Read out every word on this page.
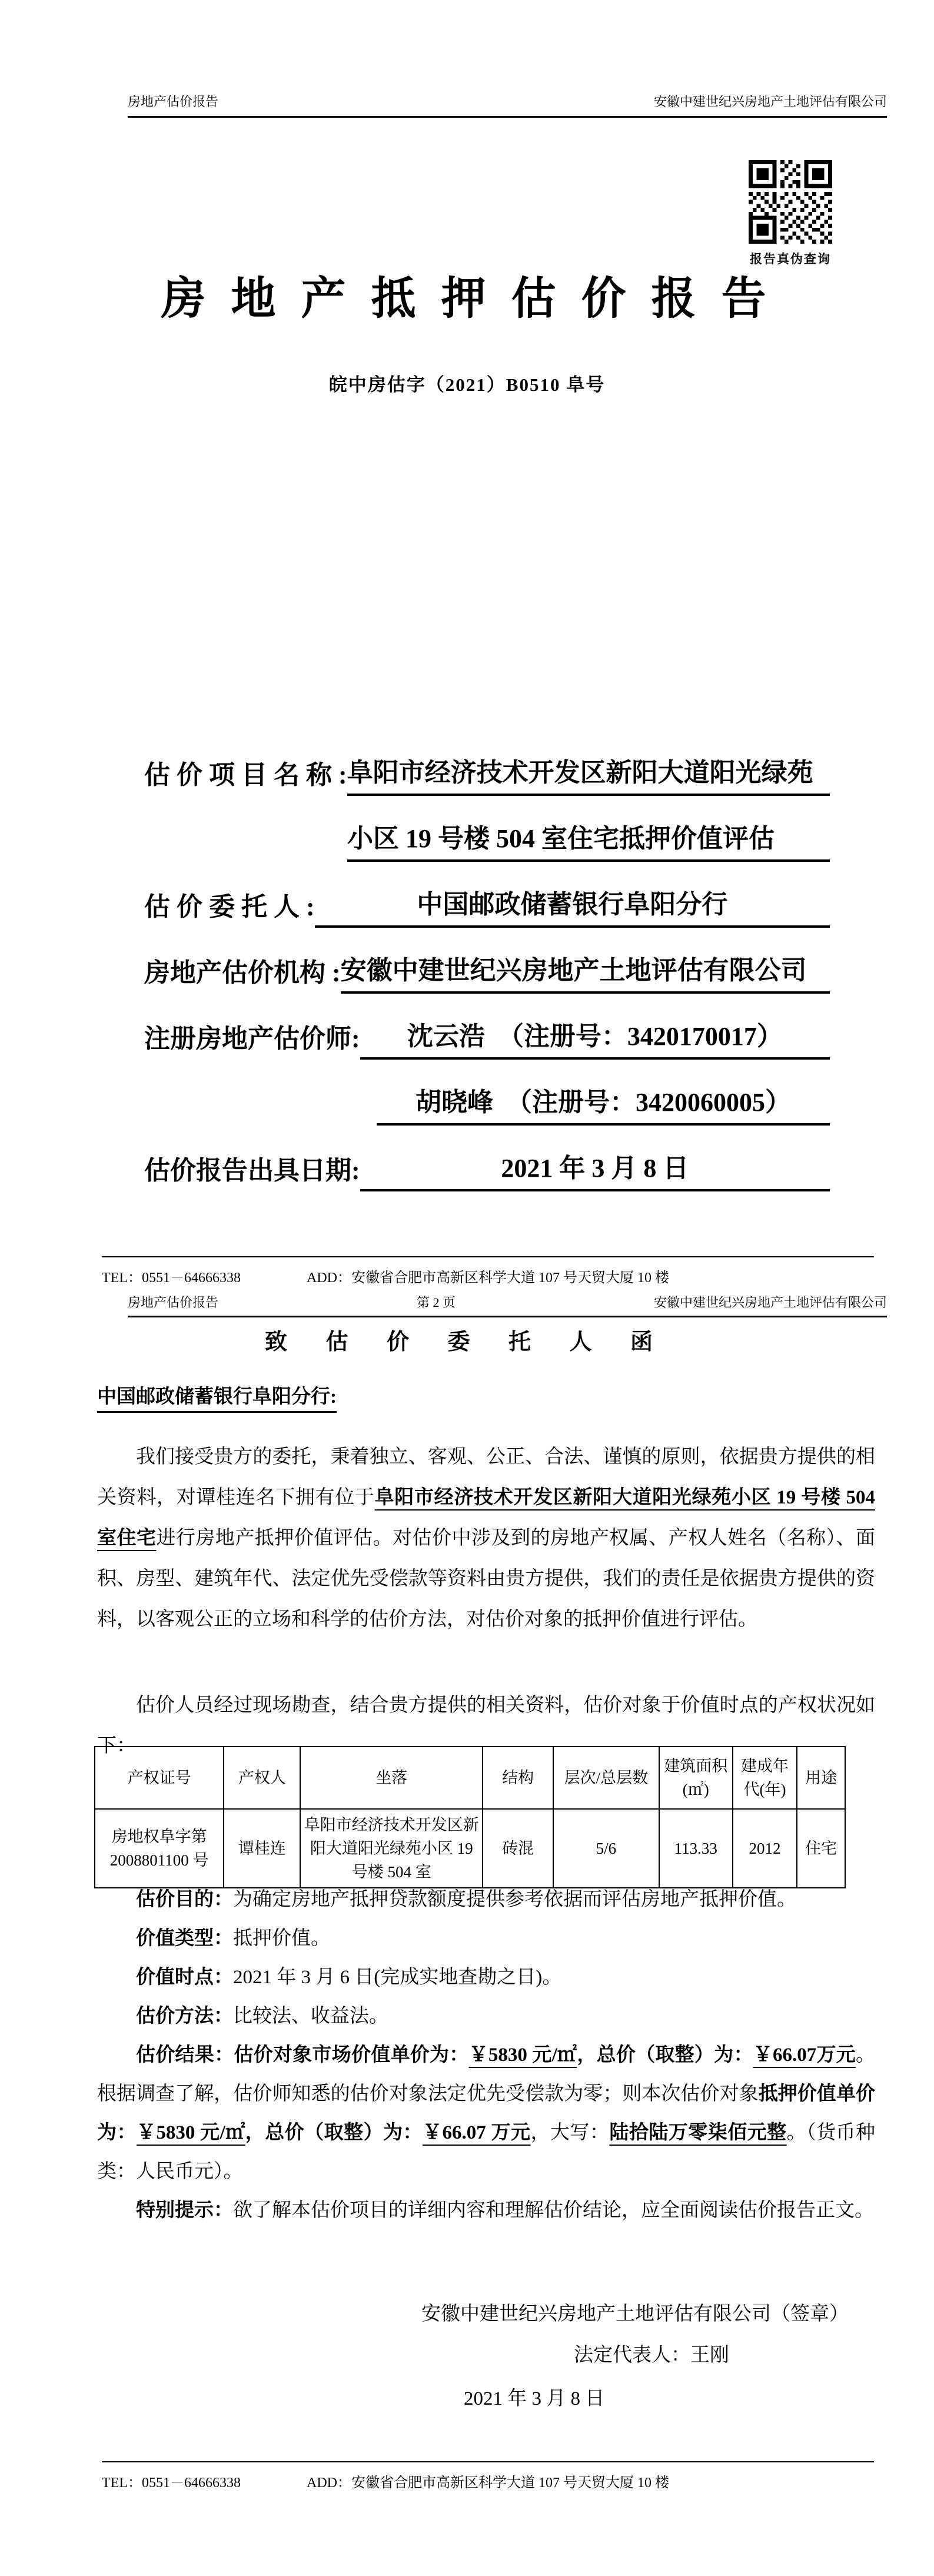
房地产估价报告	安徽中建世纪兴房地产土地评估有限公司
报告真伪查询
房 地 产 抵 押 估 价 报 告
皖中房估字（2021）B0510 阜号
估 价 项 目 名 称 : 阜阳市经济技术开发区新阳大道阳光绿苑
小区 19 号楼 504 室住宅抵押价值评估
估 价 委 托 人 :	中国邮政储蓄银行阜阳分行
房地产估价机构 : 安徽中建世纪兴房地产土地评估有限公司
注册房地产估价师:	沈云浩　（注册号：3420170017）
胡晓峰　（注册号：3420060005）
估价报告出具日期:	2021 年 3 月 8 日
TEL：0551－64666338	ADD：安徽省合肥市高新区科学大道 107 号天贸大厦 10 楼
房地产估价报告	第 2 页	安徽中建世纪兴房地产土地评估有限公司
致 估 价 委 托 人 函
中国邮政储蓄银行阜阳分行:

我们接受贵方的委托，秉着独立、客观、公正、合法、谨慎的原则，依据贵方提供的相关资料，对谭桂连名下拥有位于阜阳市经济技术开发区新阳大道阳光绿苑小区 19 号楼 504 室住宅进行房地产抵押价值评估。对估价中涉及到的房地产权属、产权人姓名（名称）、面积、房型、建筑年代、法定优先受偿款等资料由贵方提供，我们的责任是依据贵方提供的资料，以客观公正的立场和科学的估价方法，对估价对象的抵押价值进行评估。

估价人员经过现场勘查，结合贵方提供的相关资料，估价对象于价值时点的产权状况如下：

产权证号	产权人	坐落	结构	层次/总层数	建筑面积(㎡)	建成年代(年)	用途
房地权阜字第 2008801100 号	谭桂连	阜阳市经济技术开发区新阳大道阳光绿苑小区 19 号楼 504 室	砖混	5/6	113.33	2012	住宅

估价目的：为确定房地产抵押贷款额度提供参考依据而评估房地产抵押价值。

价值类型：抵押价值。

价值时点：2021 年 3 月 6 日(完成实地查勘之日)。

估价方法：比较法、收益法。

估价结果：估价对象市场价值单价为：￥5830 元/㎡，总价（取整）为：￥66.07万元。根据调查了解，估价师知悉的估价对象法定优先受偿款为零；则本次估价对象抵押价值单价为：￥5830 元/㎡，总价（取整）为：￥66.07 万元，大写：陆拾陆万零柒佰元整。（货币种类：人民币元）。

特别提示：欲了解本估价项目的详细内容和理解估价结论，应全面阅读估价报告正文。

安徽中建世纪兴房地产土地评估有限公司（签章）
法定代表人：王刚
2021 年 3 月 8 日
TEL：0551－64666338	ADD：安徽省合肥市高新区科学大道 107 号天贸大厦 10 楼
